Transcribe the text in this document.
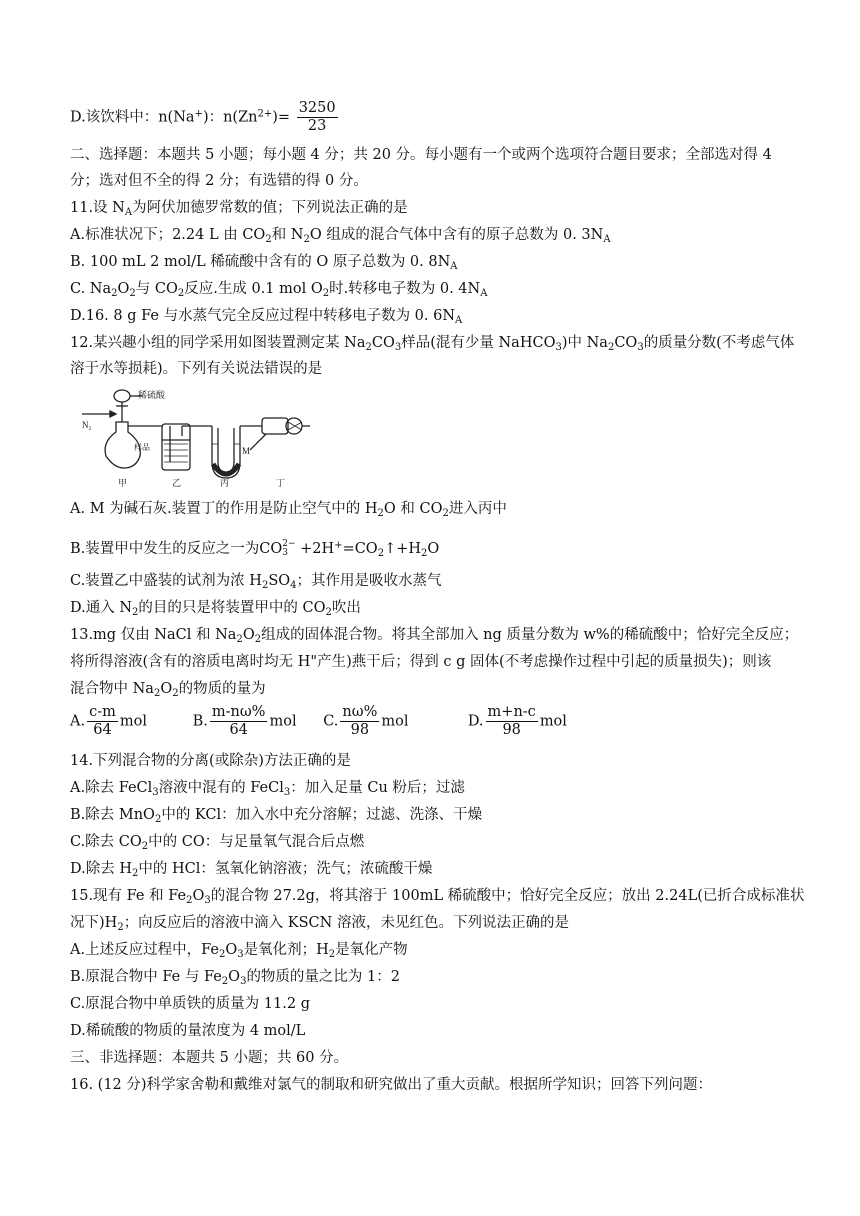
D.该饮料中：n(Na+)：$n(Zn^{2+})= \frac{3250}{23}$
二、选择题：本题共 5 小题；每小题 4 分；共 20 分。每小题有一个或两个选项符合题目要求；全部选对得 4
分；选对但不全的得 2 分；有选错的得 0 分。
11.设 $N_A$为阿伏加德罗常数的值；下列说法正确的是
A.标准状况下；2.24 L 由 $CO_2$和 $N_2O$ 组成的混合气体中含有的原子总数为 0. $3N_A$
B. 100 mL 2 mol/L 稀硫酸中含有的 O 原子总数为 0. $8N_A$
C. $Na_2O_2$与 $CO_2$反应.生成 0.1 mol $O_2$时.转移电子数为 0. $4N_A$
D.16. 8 g Fe 与水蒸气完全反应过程中转移电子数为 0. $6N_A$
12.某兴趣小组的同学采用如图装置测定某 $Na_2CO_3$样品(混有少量 NaHCO$_3$)中 $Na_2CO_3$的质量分数(不考虑气体
溶于水等损耗)。下列有关说法错误的是
稀硫酸
N₂
样品	M
甲	乙	丙	丁
A. M 为碱石灰.装置丁的作用是防止空气中的 $H_2O$ 和 $CO_2$进入丙中
B.装置甲中发生的反应之一为CO 2−
$3 +2H^+=CO_2↑+H_2O$
C.装置乙中盛装的试剂为浓 $H_2SO_4$；其作用是吸收水蒸气
D.通入 $N_2$的目的只是将装置甲中的 $CO_2$吹出
13.mg 仅由 NaCl 和 $Na_2O_2$组成的固体混合物。将其全部加入 ng 质量分数为 w%的稀硫酸中；恰好完全反应；
将所得溶液(含有的溶质电离时均无 H"产生)燕干后；得到 c g 固体(不考虑操作过程中引起的质量损失)；则该
混合物中 $Na_2O_2$的物质的量为
A. $\frac{c-m}{64}$ mol	B. $\frac{m-n\omega\%}{64}$ mol C. $\frac{n\omega\%}{98}$ mol	D. $\frac{m+n-c}{98}$ mol
14.下列混合物的分离(或除杂)方法正确的是
A.除去 FeCl$_3$溶液中混有的 FeCl$_3$：加入足量 Cu 粉后；过滤
B.除去 MnO$_2$中的 KCl：加入水中充分溶解；过滤、洗涤、干燥
C.除去 $CO_2$中的 CO：与足量氧气混合后点燃
D.除去 $H_2$中的 HCl：氢氧化钠溶液；洗气；浓硫酸干燥
15.现有 Fe 和 $Fe_2O_3$的混合物 27.2g，将其溶于 100mL 稀硫酸中；恰好完全反应；放出 2.24L(已折合成标准状
况下)$H_2$；向反应后的溶液中滴入 KSCN 溶液，未见红色。下列说法正确的是
A.上述反应过程中，$Fe_2O_3$是氧化剂；$H_2$是氧化产物
B.原混合物中 Fe 与 $Fe_2O_3$的物质的量之比为 1：2
C.原混合物中单质铁的质量为 11.2 g
D.稀硫酸的物质的量浓度为 4 mol/L
三、非选择题：本题共 5 小题；共 60 分。
16. (12 分)科学家舍勒和戴维对氯气的制取和研究做出了重大贡献。根据所学知识；回答下列问题：
